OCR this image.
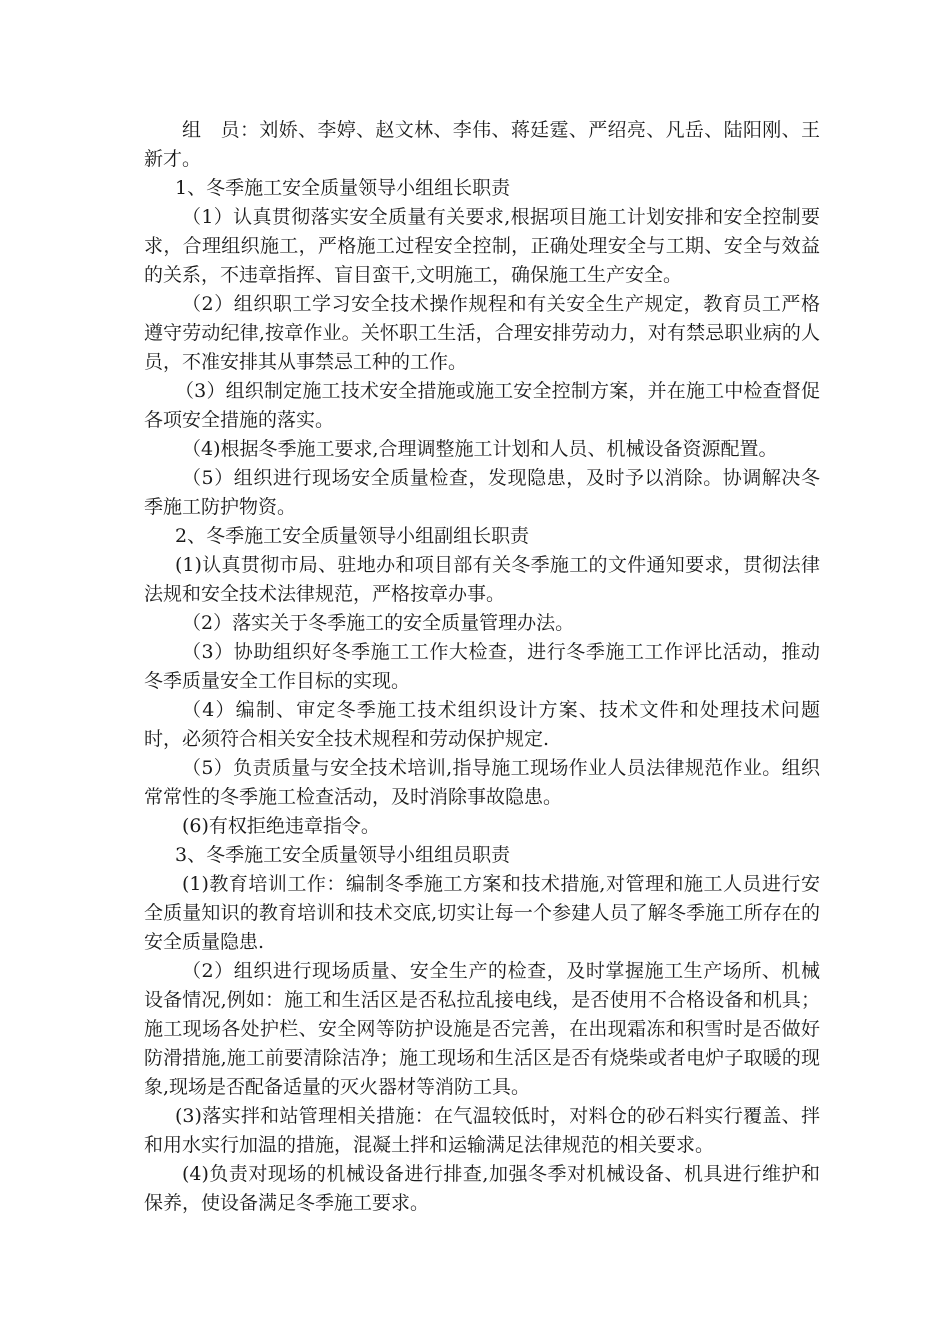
组　员：刘娇、李婷、赵文林、李伟、蒋廷霆、严绍亮、凡岳、陆阳刚、王新才。

1、冬季施工安全质量领导小组组长职责

（1）认真贯彻落实安全质量有关要求,根据项目施工计划安排和安全控制要求，合理组织施工，严格施工过程安全控制，正确处理安全与工期、安全与效益的关系，不违章指挥、盲目蛮干,文明施工，确保施工生产安全。

（2）组织职工学习安全技术操作规程和有关安全生产规定，教育员工严格遵守劳动纪律,按章作业。关怀职工生活，合理安排劳动力，对有禁忌职业病的人员，不准安排其从事禁忌工种的工作。

（3）组织制定施工技术安全措施或施工安全控制方案，并在施工中检查督促各项安全措施的落实。

（4)根据冬季施工要求,合理调整施工计划和人员、机械设备资源配置。

（5）组织进行现场安全质量检查，发现隐患，及时予以消除。协调解决冬季施工防护物资。

2、冬季施工安全质量领导小组副组长职责

(1)认真贯彻市局、驻地办和项目部有关冬季施工的文件通知要求，贯彻法律法规和安全技术法律规范，严格按章办事。

（2）落实关于冬季施工的安全质量管理办法。

（3）协助组织好冬季施工工作大检查，进行冬季施工工作评比活动，推动冬季质量安全工作目标的实现。

（4）编制、审定冬季施工技术组织设计方案、技术文件和处理技术问题时，必须符合相关安全技术规程和劳动保护规定.

（5）负责质量与安全技术培训,指导施工现场作业人员法律规范作业。组织常常性的冬季施工检查活动，及时消除事故隐患。

(6)有权拒绝违章指令。

3、冬季施工安全质量领导小组组员职责

(1)教育培训工作：编制冬季施工方案和技术措施,对管理和施工人员进行安全质量知识的教育培训和技术交底,切实让每一个参建人员了解冬季施工所存在的安全质量隐患.

（2）组织进行现场质量、安全生产的检查，及时掌握施工生产场所、机械设备情况,例如：施工和生活区是否私拉乱接电线，是否使用不合格设备和机具；施工现场各处护栏、安全网等防护设施是否完善，在出现霜冻和积雪时是否做好防滑措施,施工前要清除洁净；施工现场和生活区是否有烧柴或者电炉子取暖的现象,现场是否配备适量的灭火器材等消防工具。

(3)落实拌和站管理相关措施：在气温较低时，对料仓的砂石料实行覆盖、拌和用水实行加温的措施，混凝土拌和运输满足法律规范的相关要求。

(4)负责对现场的机械设备进行排查,加强冬季对机械设备、机具进行维护和保养，使设备满足冬季施工要求。
